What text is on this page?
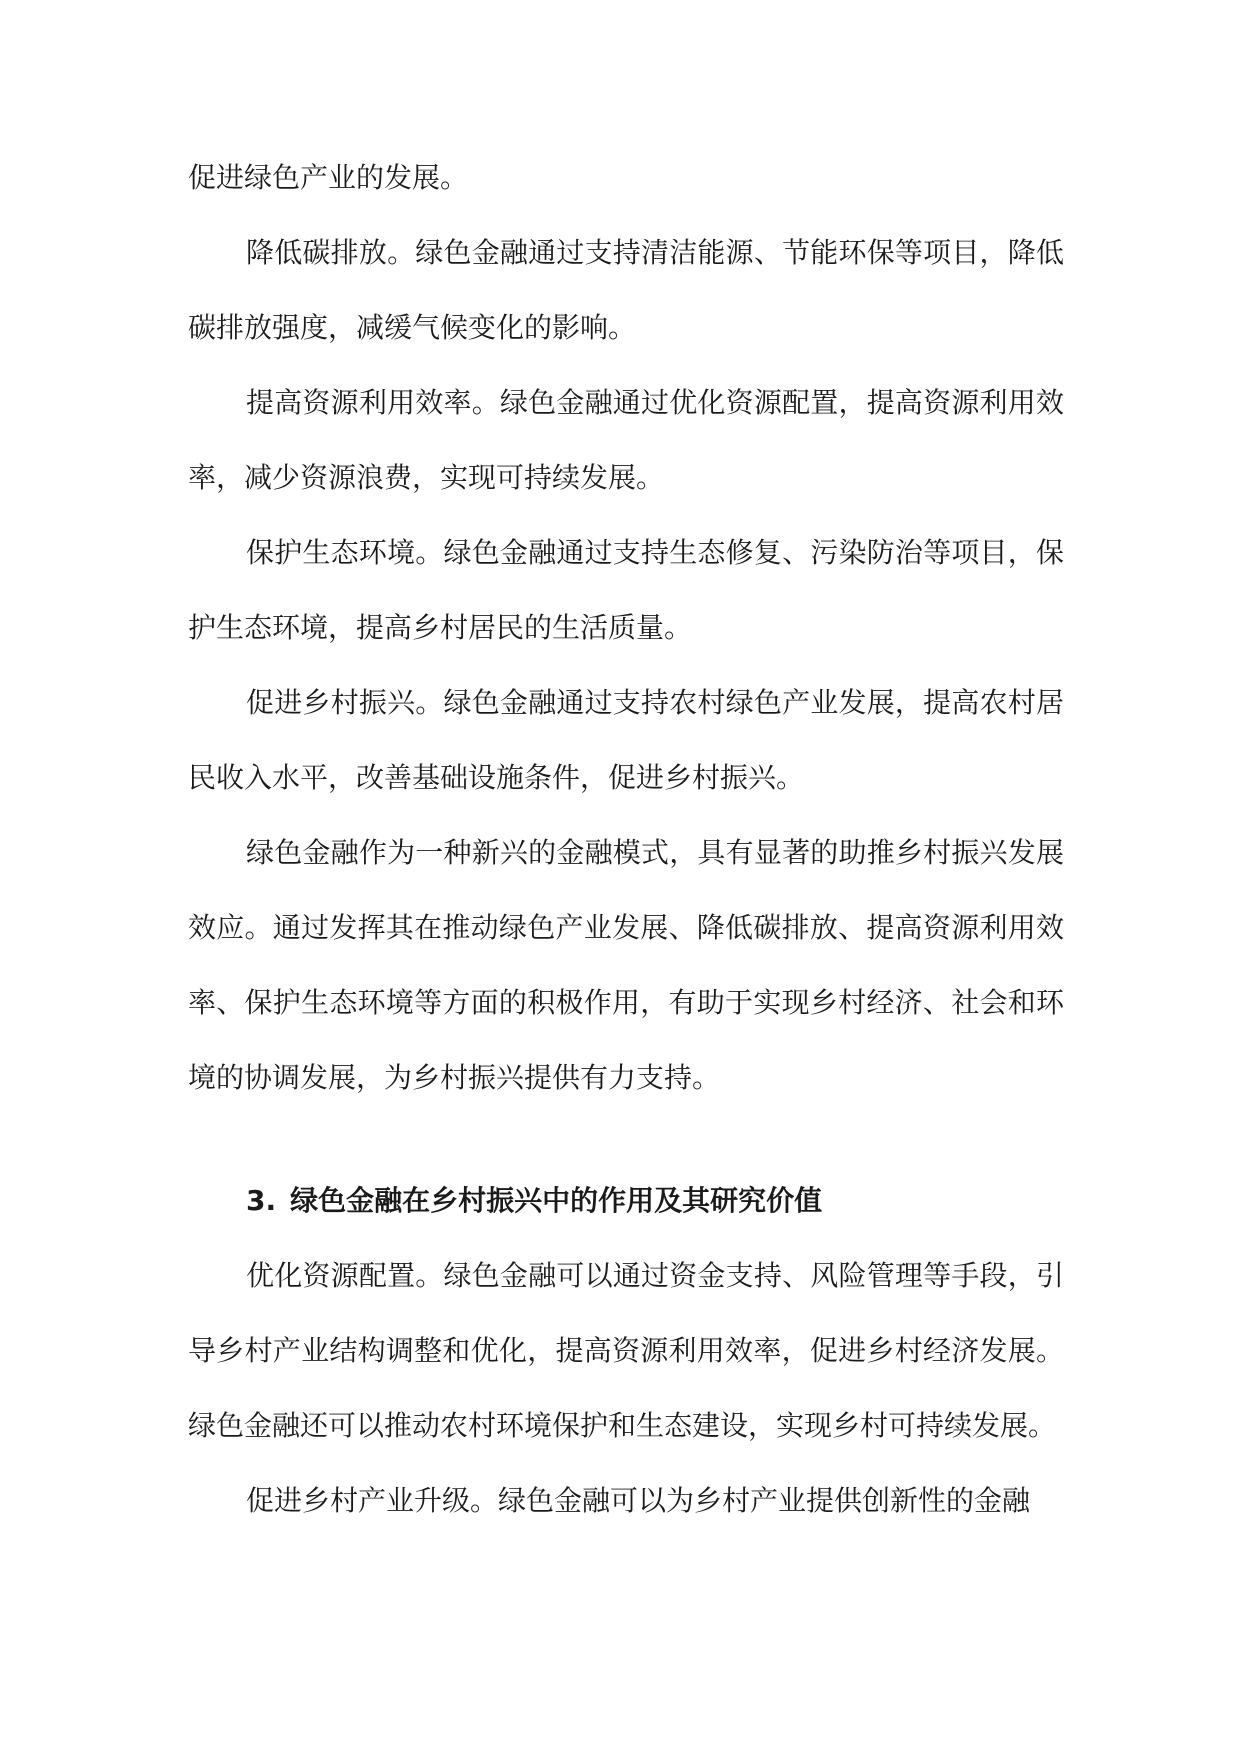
促进绿色产业的发展。

降低碳排放。绿色金融通过支持清洁能源、节能环保等项目，降低碳排放强度，减缓气候变化的影响。

提高资源利用效率。绿色金融通过优化资源配置，提高资源利用效率，减少资源浪费，实现可持续发展。

保护生态环境。绿色金融通过支持生态修复、污染防治等项目，保护生态环境，提高乡村居民的生活质量。

促进乡村振兴。绿色金融通过支持农村绿色产业发展，提高农村居民收入水平，改善基础设施条件，促进乡村振兴。

绿色金融作为一种新兴的金融模式，具有显著的助推乡村振兴发展效应。通过发挥其在推动绿色产业发展、降低碳排放、提高资源利用效率、保护生态环境等方面的积极作用，有助于实现乡村经济、社会和环境的协调发展，为乡村振兴提供有力支持。

3. 绿色金融在乡村振兴中的作用及其研究价值

优化资源配置。绿色金融可以通过资金支持、风险管理等手段，引导乡村产业结构调整和优化，提高资源利用效率，促进乡村经济发展。绿色金融还可以推动农村环境保护和生态建设，实现乡村可持续发展。

促进乡村产业升级。绿色金融可以为乡村产业提供创新性的金融
